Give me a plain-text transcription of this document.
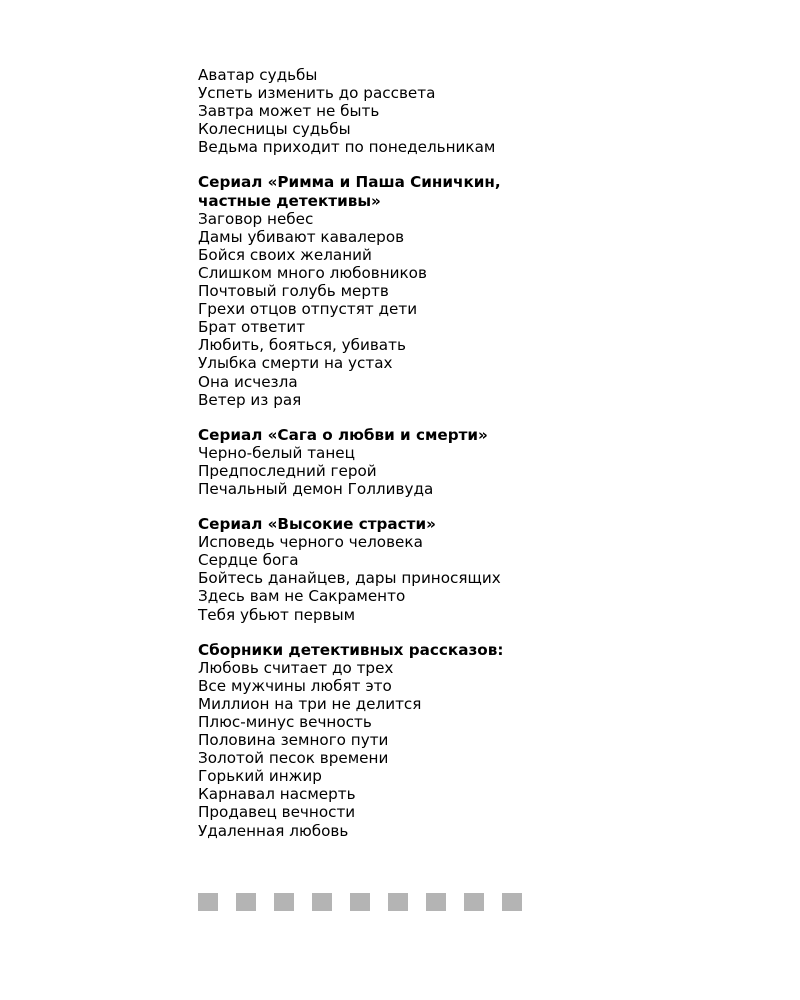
Аватар судьбы
Успеть изменить до рассвета
Завтра может не быть
Колесницы судьбы
Ведьма приходит по понедельникам
Сериал «Римма и Паша Синичкин,
частные детективы»
Заговор небес
Дамы убивают кавалеров
Бойся своих желаний
Слишком много любовников
Почтовый голубь мертв
Грехи отцов отпустят дети
Брат ответит
Любить, бояться, убивать
Улыбка смерти на устах
Она исчезла
Ветер из рая
Сериал «Сага о любви и смерти»
Черно-белый танец
Предпоследний герой
Печальный демон Голливуда
Сериал «Высокие страсти»
Исповедь черного человека
Сердце бога
Бойтесь данайцев, дары приносящих
Здесь вам не Сакраменто
Тебя убьют первым
Сборники детективных рассказов:
Любовь считает до трех
Все мужчины любят это
Миллион на три не делится
Плюс-минус вечность
Половина земного пути
Золотой песок времени
Горький инжир
Карнавал насмерть
Продавец вечности
Удаленная любовь
